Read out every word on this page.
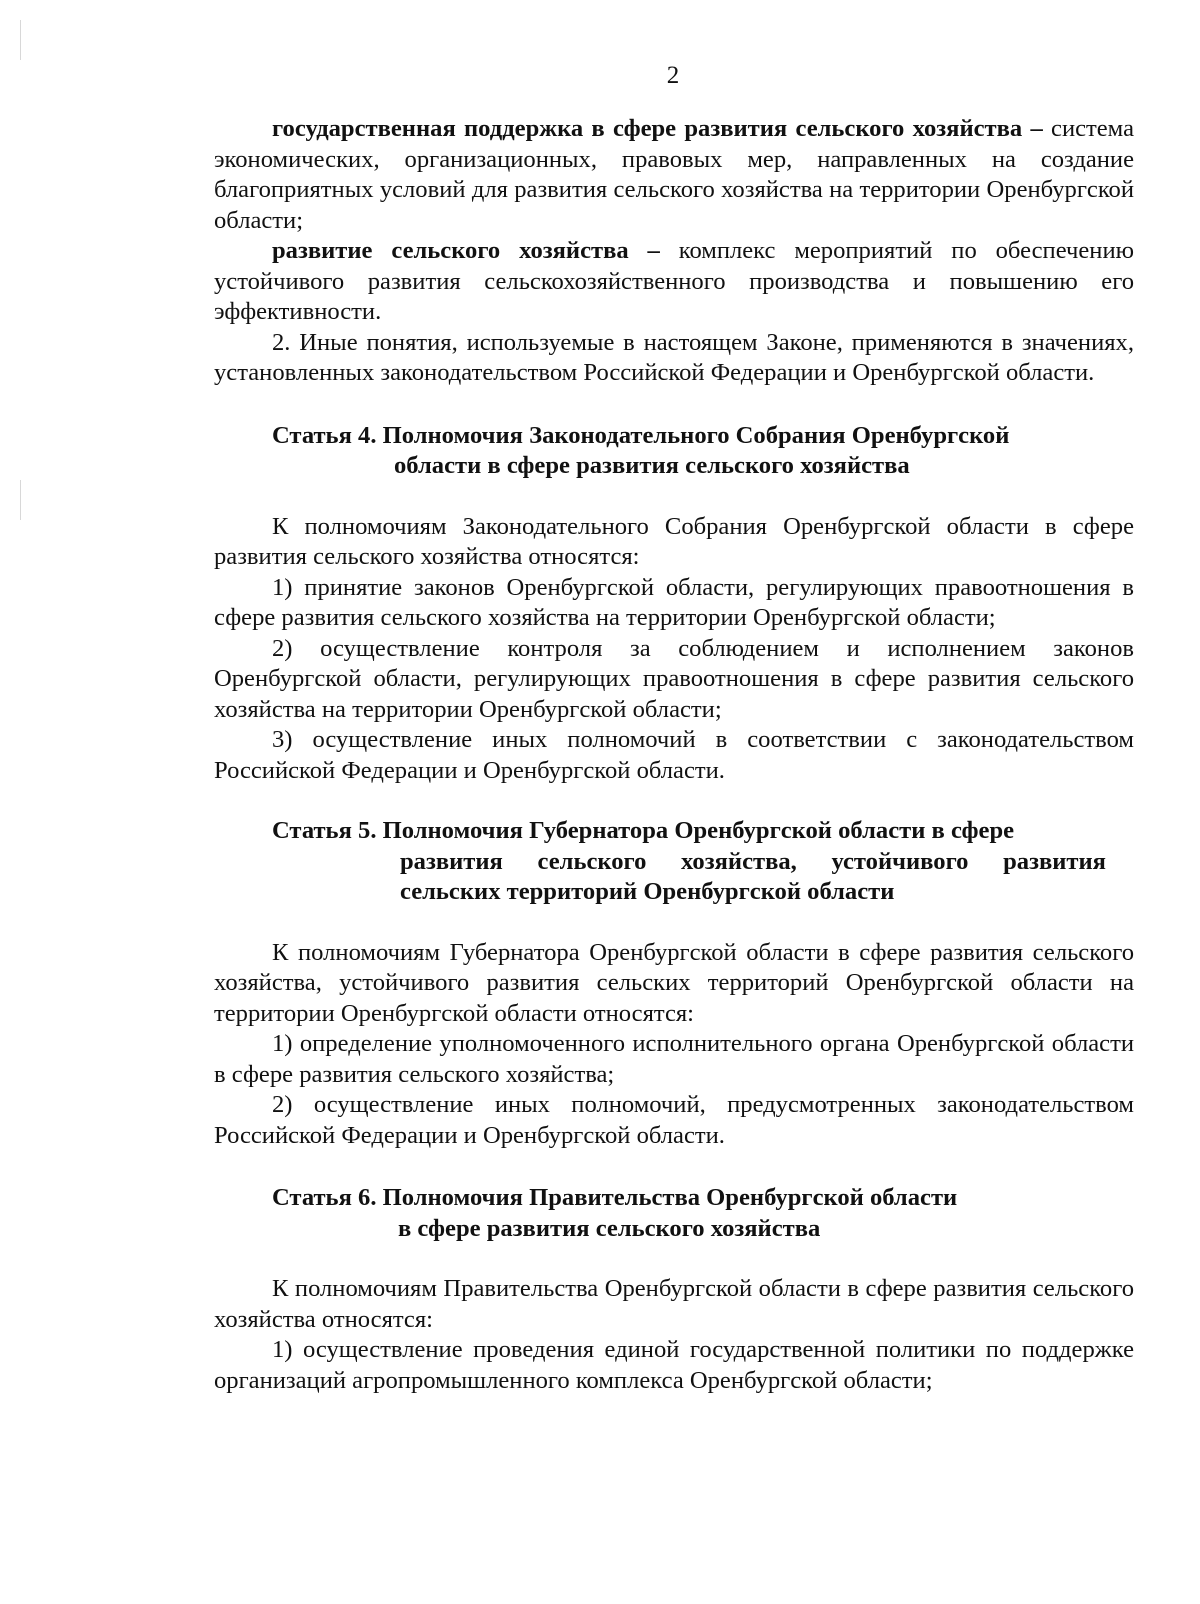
2

государственная поддержка в сфере развития сельского хозяйства – система экономических, организационных, правовых мер, направленных на создание благоприятных условий для развития сельского хозяйства на территории Оренбургской области;

развитие сельского хозяйства – комплекс мероприятий по обеспечению устойчивого развития сельскохозяйственного производства и повышению его эффективности.

2. Иные понятия, используемые в настоящем Законе, применяются в значениях, установленных законодательством Российской Федерации и Оренбургской области.

Статья 4. Полномочия Законодательного Собрания Оренбургской
области в сфере развития сельского хозяйства

К полномочиям Законодательного Собрания Оренбургской области в сфере развития сельского хозяйства относятся:

1) принятие законов Оренбургской области, регулирующих правоотношения в сфере развития сельского хозяйства на территории Оренбургской области;

2) осуществление контроля за соблюдением и исполнением законов Оренбургской области, регулирующих правоотношения в сфере развития сельского хозяйства на территории Оренбургской области;

3) осуществление иных полномочий в соответствии с законодательством Российской Федерации и Оренбургской области.

Статья 5. Полномочия Губернатора Оренбургской области в сфере
развития сельского хозяйства, устойчивого развития
сельских территорий Оренбургской области

К полномочиям Губернатора Оренбургской области в сфере развития сельского хозяйства, устойчивого развития сельских территорий Оренбургской области на территории Оренбургской области относятся:

1) определение уполномоченного исполнительного органа Оренбургской области в сфере развития сельского хозяйства;

2) осуществление иных полномочий, предусмотренных законодательством Российской Федерации и Оренбургской области.

Статья 6. Полномочия Правительства Оренбургской области
в сфере развития сельского хозяйства

К полномочиям Правительства Оренбургской области в сфере развития сельского хозяйства относятся:

1) осуществление проведения единой государственной политики по поддержке организаций агропромышленного комплекса Оренбургской области;
